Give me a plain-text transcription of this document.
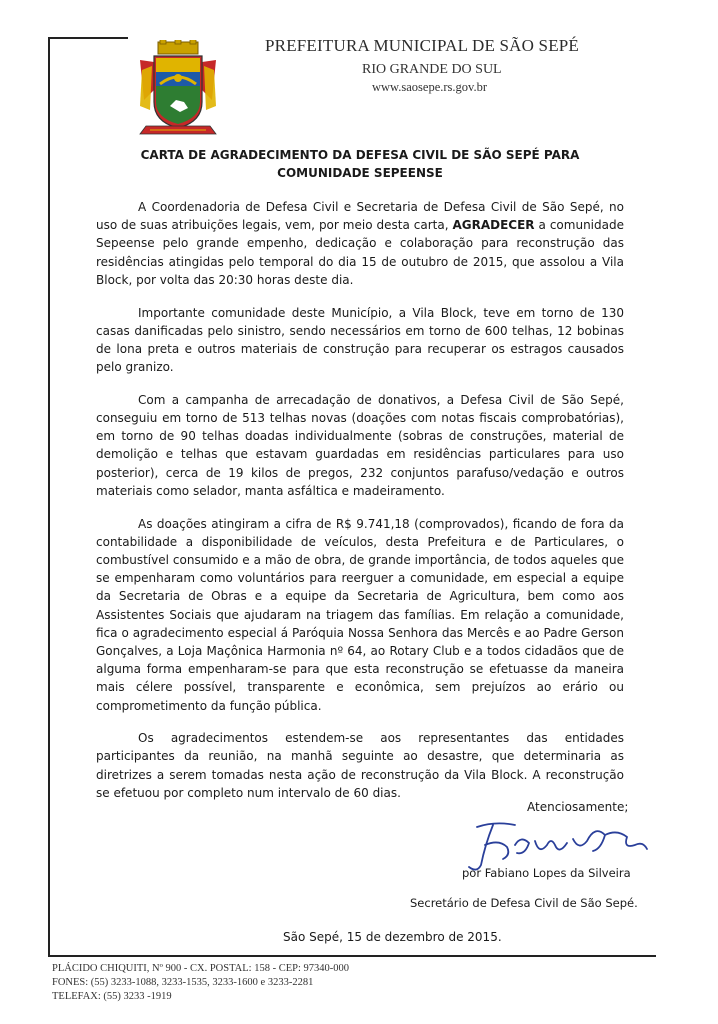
PREFEITURA MUNICIPAL DE SÃO SEPÉ
RIO GRANDE DO SUL
www.saosepe.rs.gov.br
CARTA DE AGRADECIMENTO DA DEFESA CIVIL DE SÃO SEPÉ PARA COMUNIDADE SEPEENSE

A Coordenadoria de Defesa Civil e Secretaria de Defesa Civil de São Sepé, no uso de suas atribuições legais, vem, por meio desta carta, AGRADECER a comunidade Sepeense pelo grande empenho, dedicação e colaboração para reconstrução das residências atingidas pelo temporal do dia 15 de outubro de 2015, que assolou a Vila Block, por volta das 20:30 horas deste dia.

Importante comunidade deste Município, a Vila Block, teve em torno de 130 casas danificadas pelo sinistro, sendo necessários em torno de 600 telhas, 12 bobinas de lona preta e outros materiais de construção para recuperar os estragos causados pelo granizo.

Com a campanha de arrecadação de donativos, a Defesa Civil de São Sepé, conseguiu em torno de 513 telhas novas (doações com notas fiscais comprobatórias), em torno de 90 telhas doadas individualmente (sobras de construções, material de demolição e telhas que estavam guardadas em residências particulares para uso posterior), cerca de 19 kilos de pregos, 232 conjuntos parafuso/vedação e outros materiais como selador, manta asfáltica e madeiramento.

As doações atingiram a cifra de R$ 9.741,18 (comprovados), ficando de fora da contabilidade a disponibilidade de veículos, desta Prefeitura e de Particulares, o combustível consumido e a mão de obra, de grande importância, de todos aqueles que se empenharam como voluntários para reerguer a comunidade, em especial a equipe da Secretaria de Obras e a equipe da Secretaria de Agricultura, bem como aos Assistentes Sociais que ajudaram na triagem das famílias. Em relação a comunidade, fica o agradecimento especial á Paróquia Nossa Senhora das Mercês e ao Padre Gerson Gonçalves, a Loja Maçônica Harmonia nº 64, ao Rotary Club e a todos cidadãos que de alguma forma empenharam-se para que esta reconstrução se efetuasse da maneira mais célere possível, transparente e econômica, sem prejuízos ao erário ou comprometimento da função pública.

Os agradecimentos estendem-se aos representantes das entidades participantes da reunião, na manhã seguinte ao desastre, que determinaria as diretrizes a serem tomadas nesta ação de reconstrução da Vila Block. A reconstrução se efetuou por completo num intervalo de 60 dias.

Atenciosamente;
por Fabiano Lopes da Silveira
Secretário de Defesa Civil de São Sepé.
São Sepé, 15 de dezembro de 2015.
PLÁCIDO CHIQUITI, Nº 900 - CX. POSTAL: 158 - CEP: 97340-000
FONES: (55) 3233-1088, 3233-1535, 3233-1600 e 3233-2281
TELEFAX: (55) 3233 -1919
